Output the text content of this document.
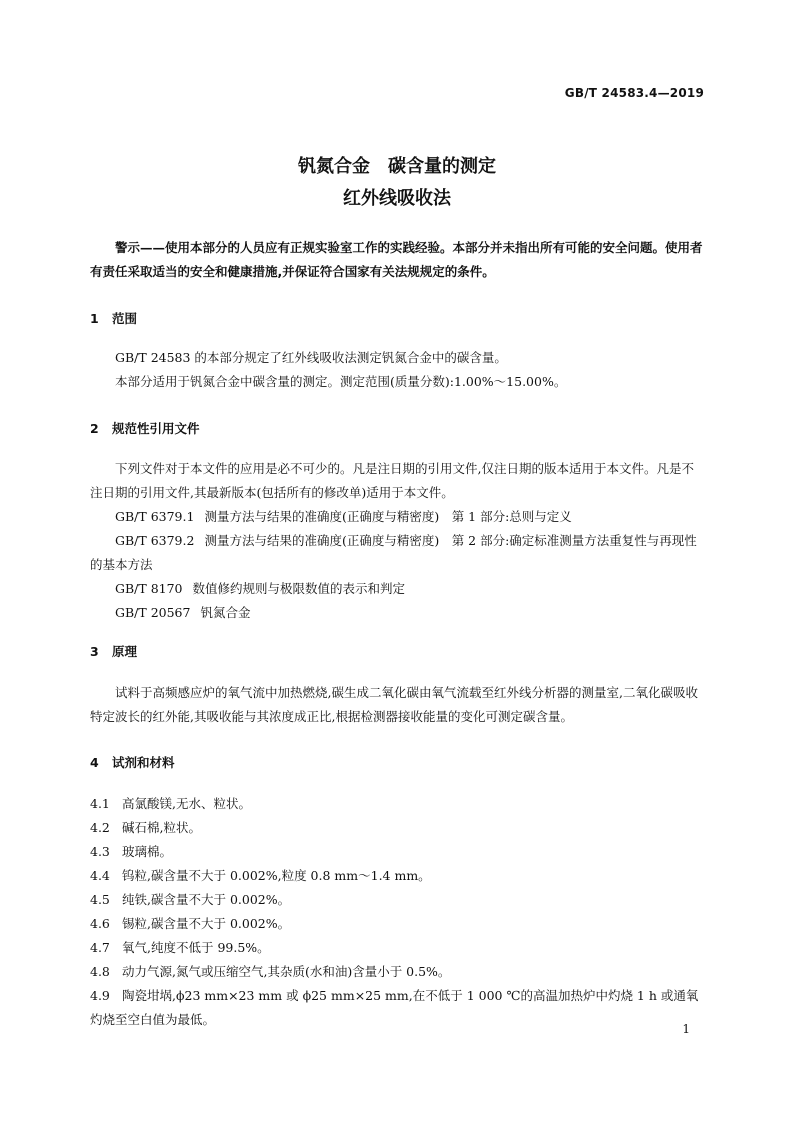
GB/T 24583.4—2019
钒氮合金　碳含量的测定
红外线吸收法

警示——使用本部分的人员应有正规实验室工作的实践经验。本部分并未指出所有可能的安全问题。使用者有责任采取适当的安全和健康措施,并保证符合国家有关法规规定的条件。

1 范围

GB/T 24583 的本部分规定了红外线吸收法测定钒氮合金中的碳含量。

本部分适用于钒氮合金中碳含量的测定。测定范围(质量分数):1.00%～15.00%。

2 规范性引用文件

下列文件对于本文件的应用是必不可少的。凡是注日期的引用文件,仅注日期的版本适用于本文件。凡是不注日期的引用文件,其最新版本(包括所有的修改单)适用于本文件。

GB/T 6379.1 测量方法与结果的准确度(正确度与精密度)　第 1 部分:总则与定义

GB/T 6379.2 测量方法与结果的准确度(正确度与精密度)　第 2 部分:确定标准测量方法重复性与再现性的基本方法

GB/T 8170 数值修约规则与极限数值的表示和判定

GB/T 20567 钒氮合金

3 原理

试料于高频感应炉的氧气流中加热燃烧,碳生成二氧化碳由氧气流载至红外线分析器的测量室,二氧化碳吸收特定波长的红外能,其吸收能与其浓度成正比,根据检测器接收能量的变化可测定碳含量。

4 试剂和材料

4.1 高氯酸镁,无水、粒状。

4.2 碱石棉,粒状。

4.3 玻璃棉。

4.4 钨粒,碳含量不大于 0.002%,粒度 0.8 mm～1.4 mm。

4.5 纯铁,碳含量不大于 0.002%。

4.6 锡粒,碳含量不大于 0.002%。

4.7 氧气,纯度不低于 99.5%。

4.8 动力气源,氮气或压缩空气,其杂质(水和油)含量小于 0.5%。

4.9 陶瓷坩埚,ϕ23 mm×23 mm 或 ϕ25 mm×25 mm,在不低于 1 000 ℃的高温加热炉中灼烧 1 h 或通氧灼烧至空白值为最低。

1
